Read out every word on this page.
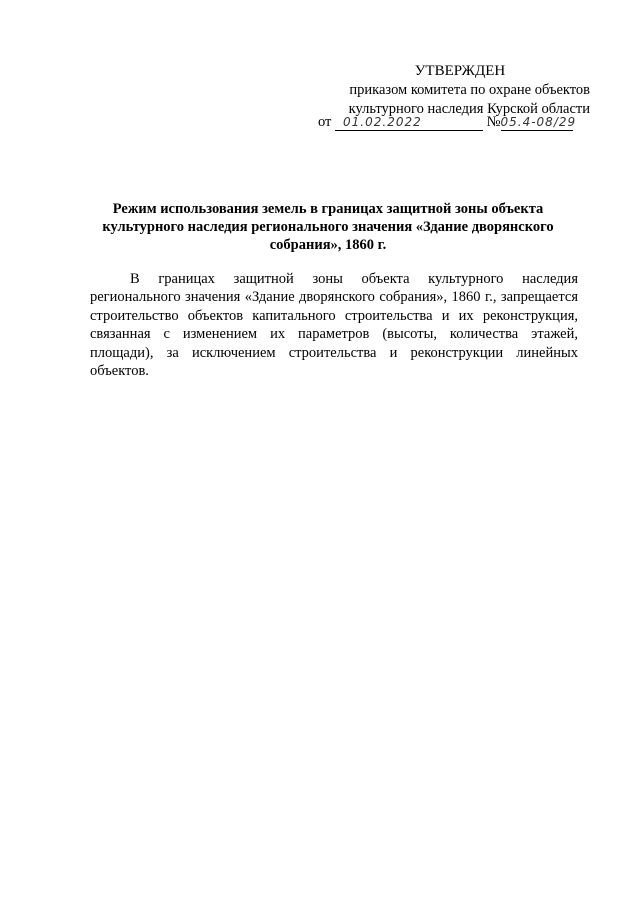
УТВЕРЖДЕН
приказом комитета по охране объектов
культурного наследия Курской области
от 01.02.2022	№05.4-08/29
Режим использования земель в границах защитной зоны объекта культурного наследия регионального значения «Здание дворянского собрания», 1860 г.
В границах защитной зоны объекта культурного наследия регионального значения «Здание дворянского собрания», 1860 г., запрещается строительство объектов капитального строительства и их реконструкция, связанная с изменением их параметров (высоты, количества этажей, площади), за исключением строительства и реконструкции линейных объектов.
